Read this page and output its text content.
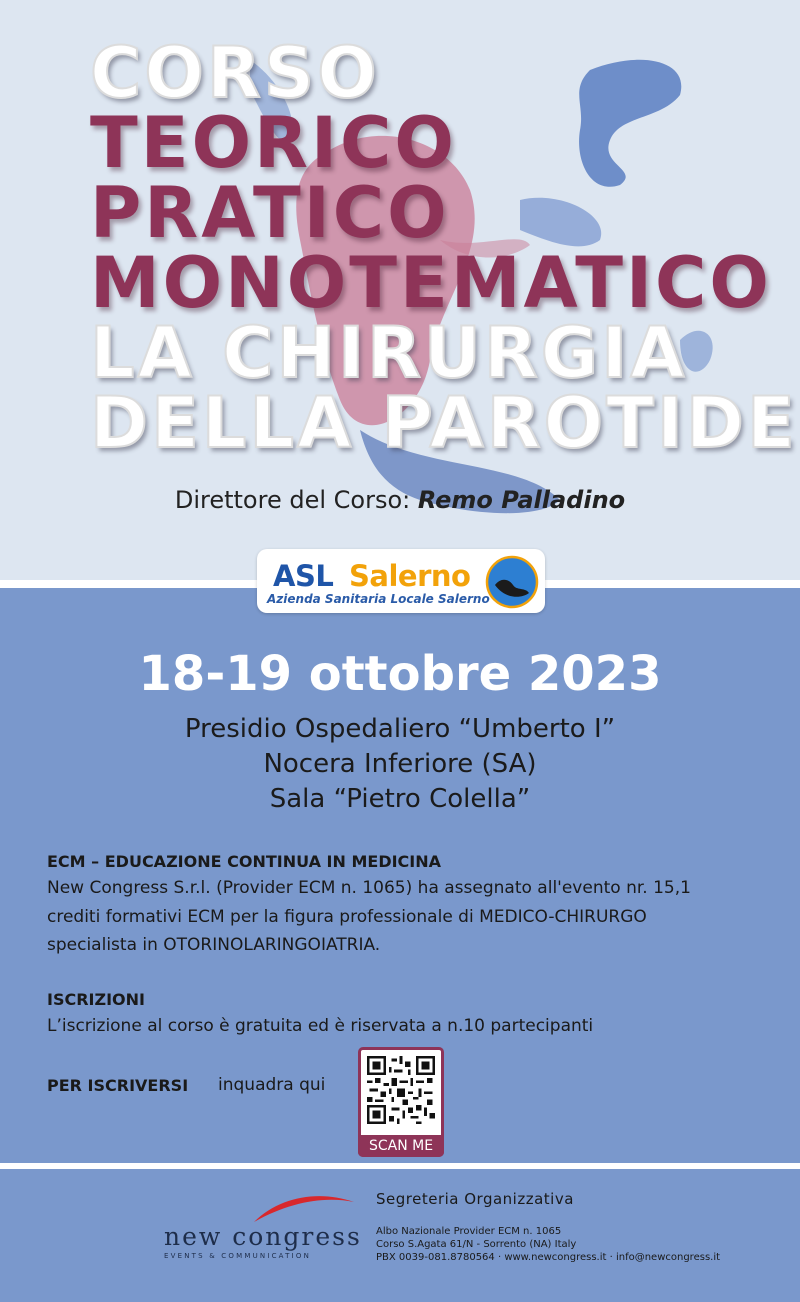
CORSO
TEORICO
PRATICO
MONOTEMATICO
LA CHIRURGIA
DELLA PAROTIDE
Direttore del Corso: Remo Palladino
ASL Salerno
Azienda Sanitaria Locale Salerno
18-19 ottobre 2023
Presidio Ospedaliero “Umberto I”
Nocera Inferiore (SA)
Sala “Pietro Colella”
ECM – EDUCAZIONE CONTINUA IN MEDICINA
New Congress S.r.l. (Provider ECM n. 1065) ha assegnato all'evento nr. 15,1
crediti formativi ECM per la figura professionale di MEDICO-CHIRURGO
specialista in OTORINOLARINGOIATRIA.
ISCRIZIONI
L’iscrizione al corso è gratuita ed è riservata a n.10 partecipanti
PER ISCRIVERSI inquadra qui
SCAN ME
new congress
EVENTS & COMMUNICATION
Segreteria Organizzativa
Albo Nazionale Provider ECM n. 1065
Corso S.Agata 61/N - Sorrento (NA) Italy
PBX 0039-081.8780564 · www.newcongress.it · info@newcongress.it
